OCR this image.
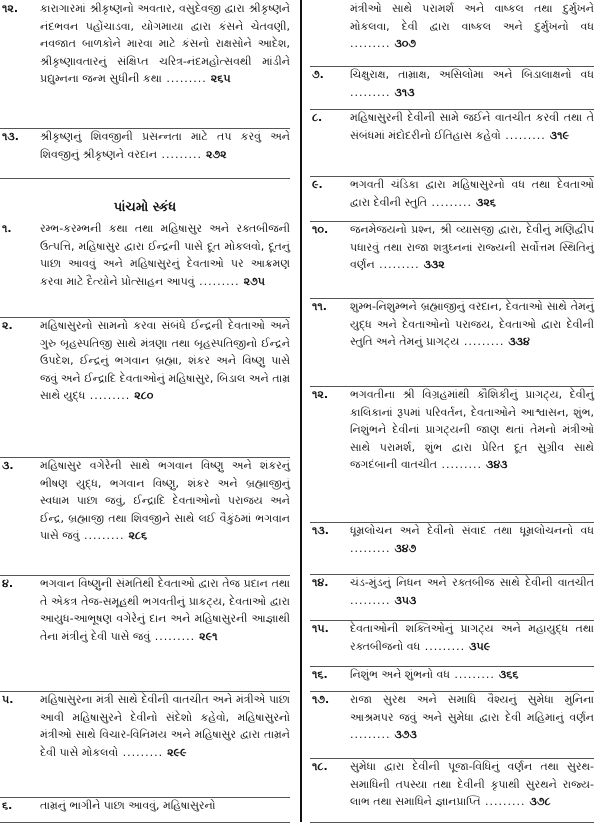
૧૨. કારાગારમાં શ્રીકૃષ્ણનો અવતાર, વસુદેવજી દ્વારા શ્રીકૃષ્ણને નંદભવન પહોંચાડવા, યોગમાયા દ્વારા કંસને ચેતવણી, નવજાત બાળકોને મારવા માટે કંસનો રાક્ષસોને આદેશ, શ્રીકૃષ્ણાવતારનું સંક્ષિપ્ત ચરિત્ર-નંદમહોત્સવથી માંડીને પ્રદ્યુમ્નના જન્મ સુધીની કથા ......... ૨૬૫
૧૩. શ્રીકૃષ્ણનું શિવજીની પ્રસન્નતા માટે તપ કરવું અને શિવજીનું શ્રીકૃષ્ણને વરદાન ......... ૨૭૨
૧.	રમ્ભ-કરમ્ભની કથા તથા મહિષાસુર અને રક્તબીજની ઉત્પત્તિ, મહિષાસુર દ્વારા ઈન્દ્રની પાસે દૂત મોકલવો, દૂતનું પાછા આવવું અને મહિષાસુરનું દેવતાઓ પર આક્રમણ કરવા માટે દૈત્યોને પ્રોત્સાહન આપવું ......... ૨૭૫
૨. મહિષાસુરનો સામનો કરવા સંબંધે ઈન્દ્રની દેવતાઓ અને ગુરુ બૃહસ્પતિજી સાથે મંત્રણા તથા બૃહસ્પતિજીનો ઈન્દ્રને ઉપદેશ, ઈન્દ્રનું ભગવાન બ્રહ્મા, શંકર અને વિષ્ણુ પાસે જવું અને ઈન્દ્રાદિ દેવતાઓનું મહિષાસુર, બિડાલ અને તામ્ર સાથે યુદ્ધ ......... ૨૮૦
૩. મહિષાસુર વગેરેની સાથે ભગવાન વિષ્ણુ અને શંકરનું ભીષણ યુદ્ધ, ભગવાન વિષ્ણુ, શંકર અને બ્રહ્માજીનું સ્વધામ પાછા જવું, ઈન્દ્રાદિ દેવતાઓનો પરાજય અને ઈન્દ્ર, બ્રહ્માજી તથા શિવજીને સાથે લઈ વૈકુંઠમાં ભગવાન પાસે જવું ......... ૨૮૬
૪. ભગવાન વિષ્ણુની સંમતિથી દેવતાઓ દ્વારા તેજ પ્રદાન તથા તે એકત્ર તેજ-સમૂહથી ભગવતીનું પ્રાકટ્ય, દેવતાઓ દ્વારા આયુધ-આભૂષણ વગેરેનું દાન અને મહિષાસુરની આજ્ઞાથી તેના મંત્રીનું દેવી પાસે જવું ......... ૨૯૧
૫. મહિષાસુરના મંત્રી સાથે દેવીની વાતચીત અને મંત્રીએ પાછા આવી મહિષાસુરને દેવીનો સંદેશો કહેવો, મહિષાસુરનો મંત્રીઓ સાથે વિચાર-વિનિમય અને મહિષાસુર દ્વારા તામ્રને દેવી પાસે મોકલવો ......... ૨૯૯
૬.	તામ્રનું ભાગીને પાછા આવવું, મહિષાસુરનો
પાંચમો સ્કંધ
મંત્રીઓ સાથે પરામર્શ અને વાષ્કલ તથા દુર્મુખને મોકલવા, દેવી દ્વારા વાષ્કલ અને દુર્મુખનો વધ ......... ૩૦૭
૭. ચિક્ષુરાક્ષ, તામ્રાક્ષ, અસિલોમા અને બિડાલાક્ષનો વધ ......... ૩૧૩
૮.	મહિષાસુરની દેવીની સામે જઈને વાતચીત કરવી તથા તે સંબંધમાં મંદોદરીનો ઈતિહાસ કહેવો ......... ૩૧૯
૯. ભગવતી ચંડિકા દ્વારા મહિષાસુરનો વધ તથા દેવતાઓ દ્વારા દેવીની સ્તુતિ ......... ૩૨૬
૧૦. જનમેજયનો પ્રશ્ન, શ્રી વ્યાસજી દ્વારા, દેવીનું મણિદ્વીપ પધારવું તથા રાજા શત્રુઘ્નનાં રાજ્યની સર્વોત્તમ સ્થિતિનું વર્ણન ......... ૩૩૨
૧૧. શુમ્ભ-નિશુમ્ભને બ્રહ્માજીનું વરદાન, દેવતાઓ સાથે તેમનું યુદ્ધ અને દેવતાઓનો પરાજય, દેવતાઓ દ્વારા દેવીની સ્તુતિ અને તેમનું પ્રાગટ્ય ......... ૩૩૪
૧૨. ભગવતીના શ્રી વિગ્રહમાંથી કૌશિકીનું પ્રાગટ્ય, દેવીનું કાલિકાનાં રૂપમાં પરિવર્તન, દેવતાઓને આશ્વાસન, શુંભ, નિશુંભને દેવીનાં પ્રાગટ્યની જાણ થતાં તેમનો મંત્રીઓ સાથે પરામર્શ, શુંભ દ્વારા પ્રેરિત દૂત સુગ્રીવ સાથે જગદંબાની વાતચીત ......... ૩૪૩
૧૩. ધૂમ્રલોચન અને દેવીનો સંવાદ તથા ધૂમ્રલોચનનો વધ ......... ૩૪૭
૧૪. ચંડ-મુંડનું નિધન અને રક્તબીજ સાથે દેવીની વાતચીત ......... ૩૫૩
૧૫. દેવતાઓની શક્તિઓનું પ્રાગટ્ય અને મહાયુદ્ધ તથા રક્તબીજનો વધ ......... ૩૫૯
૧૬. નિશુંભ અને શુંભનો વધ ......... ૩૬૬
૧૭. રાજા સુરથ અને સમાધિ વૈશ્યનું સુમેધા મુનિના આશ્રમપર જવું અને સુમેધા દ્વારા દેવી મહિમાનું વર્ણન ......... ૩૭૩
૧૮. સુમેધા દ્વારા દેવીની પૂજા-વિધિનું વર્ણન તથા સુરથ-સમાધિની તપસ્યા તથા દેવીની કૃપાથી સુરથને રાજ્ય-લાભ તથા સમાધિને જ્ઞાનપ્રાપ્તિ ......... ૩૭૮
